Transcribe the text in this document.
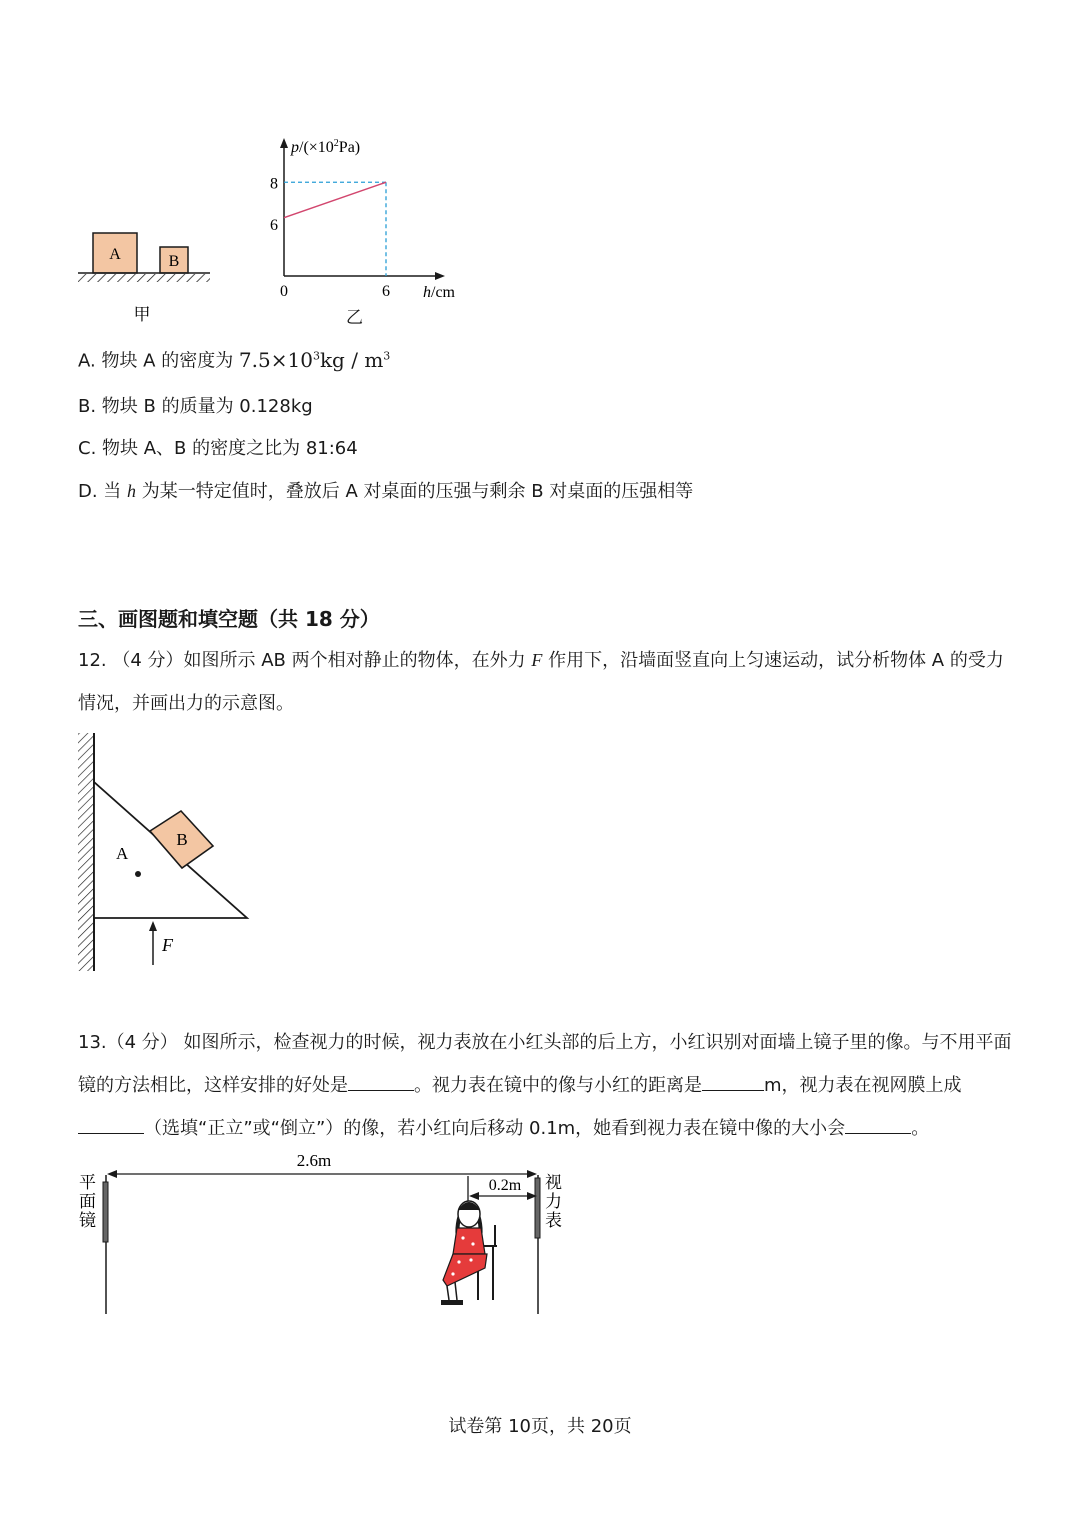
A	B
甲
$p/(\times 10^2Pa)$
h/cm
6
8
0	6
乙
A. 物块 A 的密度为 $7.5\times 10^3kg / m^3$
B. 物块 B 的质量为 0.128kg
C. 物块 A、B 的密度之比为 81:64
D. 当 h 为某一特定值时，叠放后 A 对桌面的压强与剩余 B 对桌面的压强相等
三、画图题和填空题（共 18 分）
12. （4 分）如图所示 AB 两个相对静止的物体，在外力 F 作用下，沿墙面竖直向上匀速运动，试分析物体 A 的受力情况，并画出力的示意图。
B
A
F
13.（4 分） 如图所示，检查视力的时候，视力表放在小红头部的后上方，小红识别对面墙上镜子里的像。与不用平面镜的方法相比，这样安排的好处是	。视力表在镜中的像与小红的距离是	m，视力表在视网膜上成（选填“正立”或“倒立”）的像，若小红向后移动 0.1m，她看到视力表在镜中像的大小会	。
平
面
镜
视
力
表
2.6m
0.2m
试卷第 10页，共 20页
